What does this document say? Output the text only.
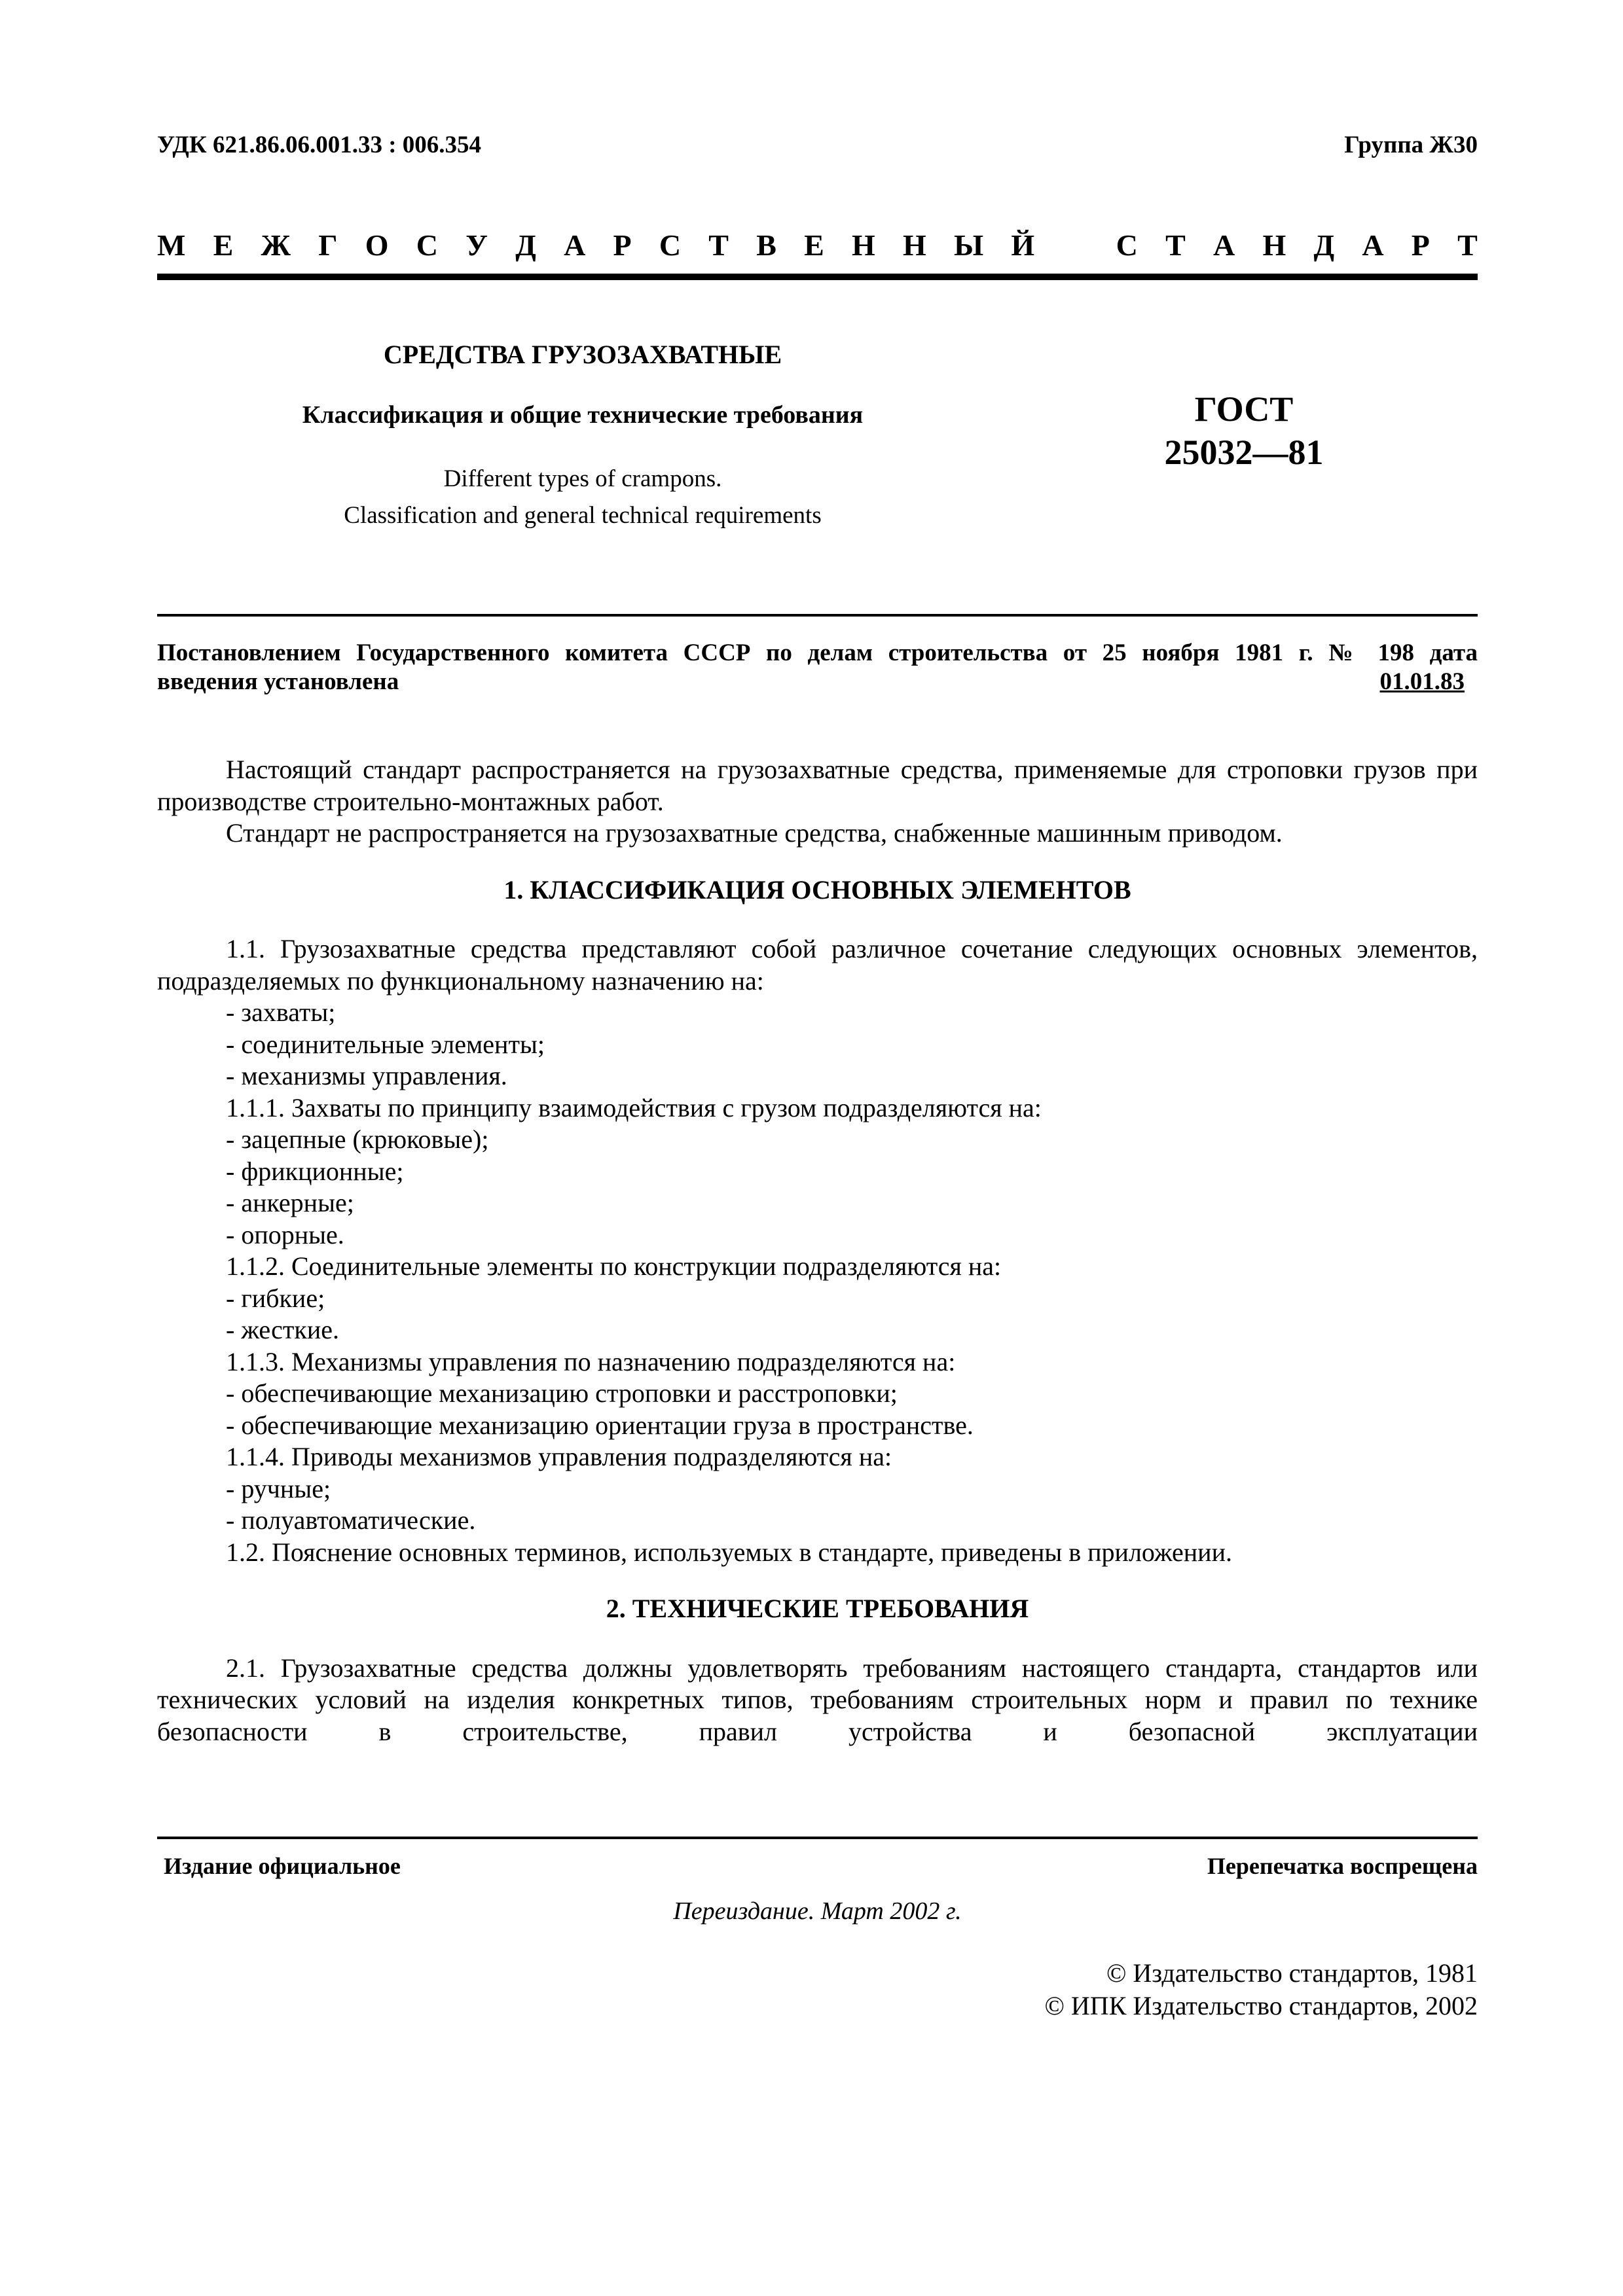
УДК 621.86.06.001.33 : 006.354	Группа Ж30
М Е Ж Г О С У Д А Р С Т В Е Н Н Ы Й	С Т А Н Д А Р Т
СРЕДСТВА ГРУЗОЗАХВАТНЫЕ
Классификация и общие технические требования
Different types of crampons.
Classification and general technical requirements
ГОСТ
25032—81
Постановлением Государственного комитета СССР по делам строительства от 25 ноября 1981 г. № 198 дата
введения установлена	01.01.83

Настоящий стандарт распространяется на грузозахватные средства, применяемые для строповки грузов при производстве строительно-монтажных работ.

Стандарт не распространяется на грузозахватные средства, снабженные машинным приводом.

1. КЛАССИФИКАЦИЯ ОСНОВНЫХ ЭЛЕМЕНТОВ

1.1. Грузозахватные средства представляют собой различное сочетание следующих основных элементов, подразделяемых по функциональному назначению на:

- захваты;

- соединительные элементы;

- механизмы управления.

1.1.1. Захваты по принципу взаимодействия с грузом подразделяются на:

- зацепные (крюковые);

- фрикционные;

- анкерные;

- опорные.

1.1.2. Соединительные элементы по конструкции подразделяются на:

- гибкие;

- жесткие.

1.1.3. Механизмы управления по назначению подразделяются на:

- обеспечивающие механизацию строповки и расстроповки;

- обеспечивающие механизацию ориентации груза в пространстве.

1.1.4. Приводы механизмов управления подразделяются на:

- ручные;

- полуавтоматические.

1.2. Пояснение основных терминов, используемых в стандарте, приведены в приложении.

2. ТЕХНИЧЕСКИЕ ТРЕБОВАНИЯ

2.1. Грузозахватные средства должны удовлетворять требованиям настоящего стандарта, стандартов или технических условий на изделия конкретных типов, требованиям строительных норм и правил по технике безопасности в строительстве, правил устройства и безопасной эксплуатации

Издание официальное	Перепечатка воспрещена
Переиздание. Март 2002 г.
© Издательство стандартов, 1981
© ИПК Издательство стандартов, 2002
